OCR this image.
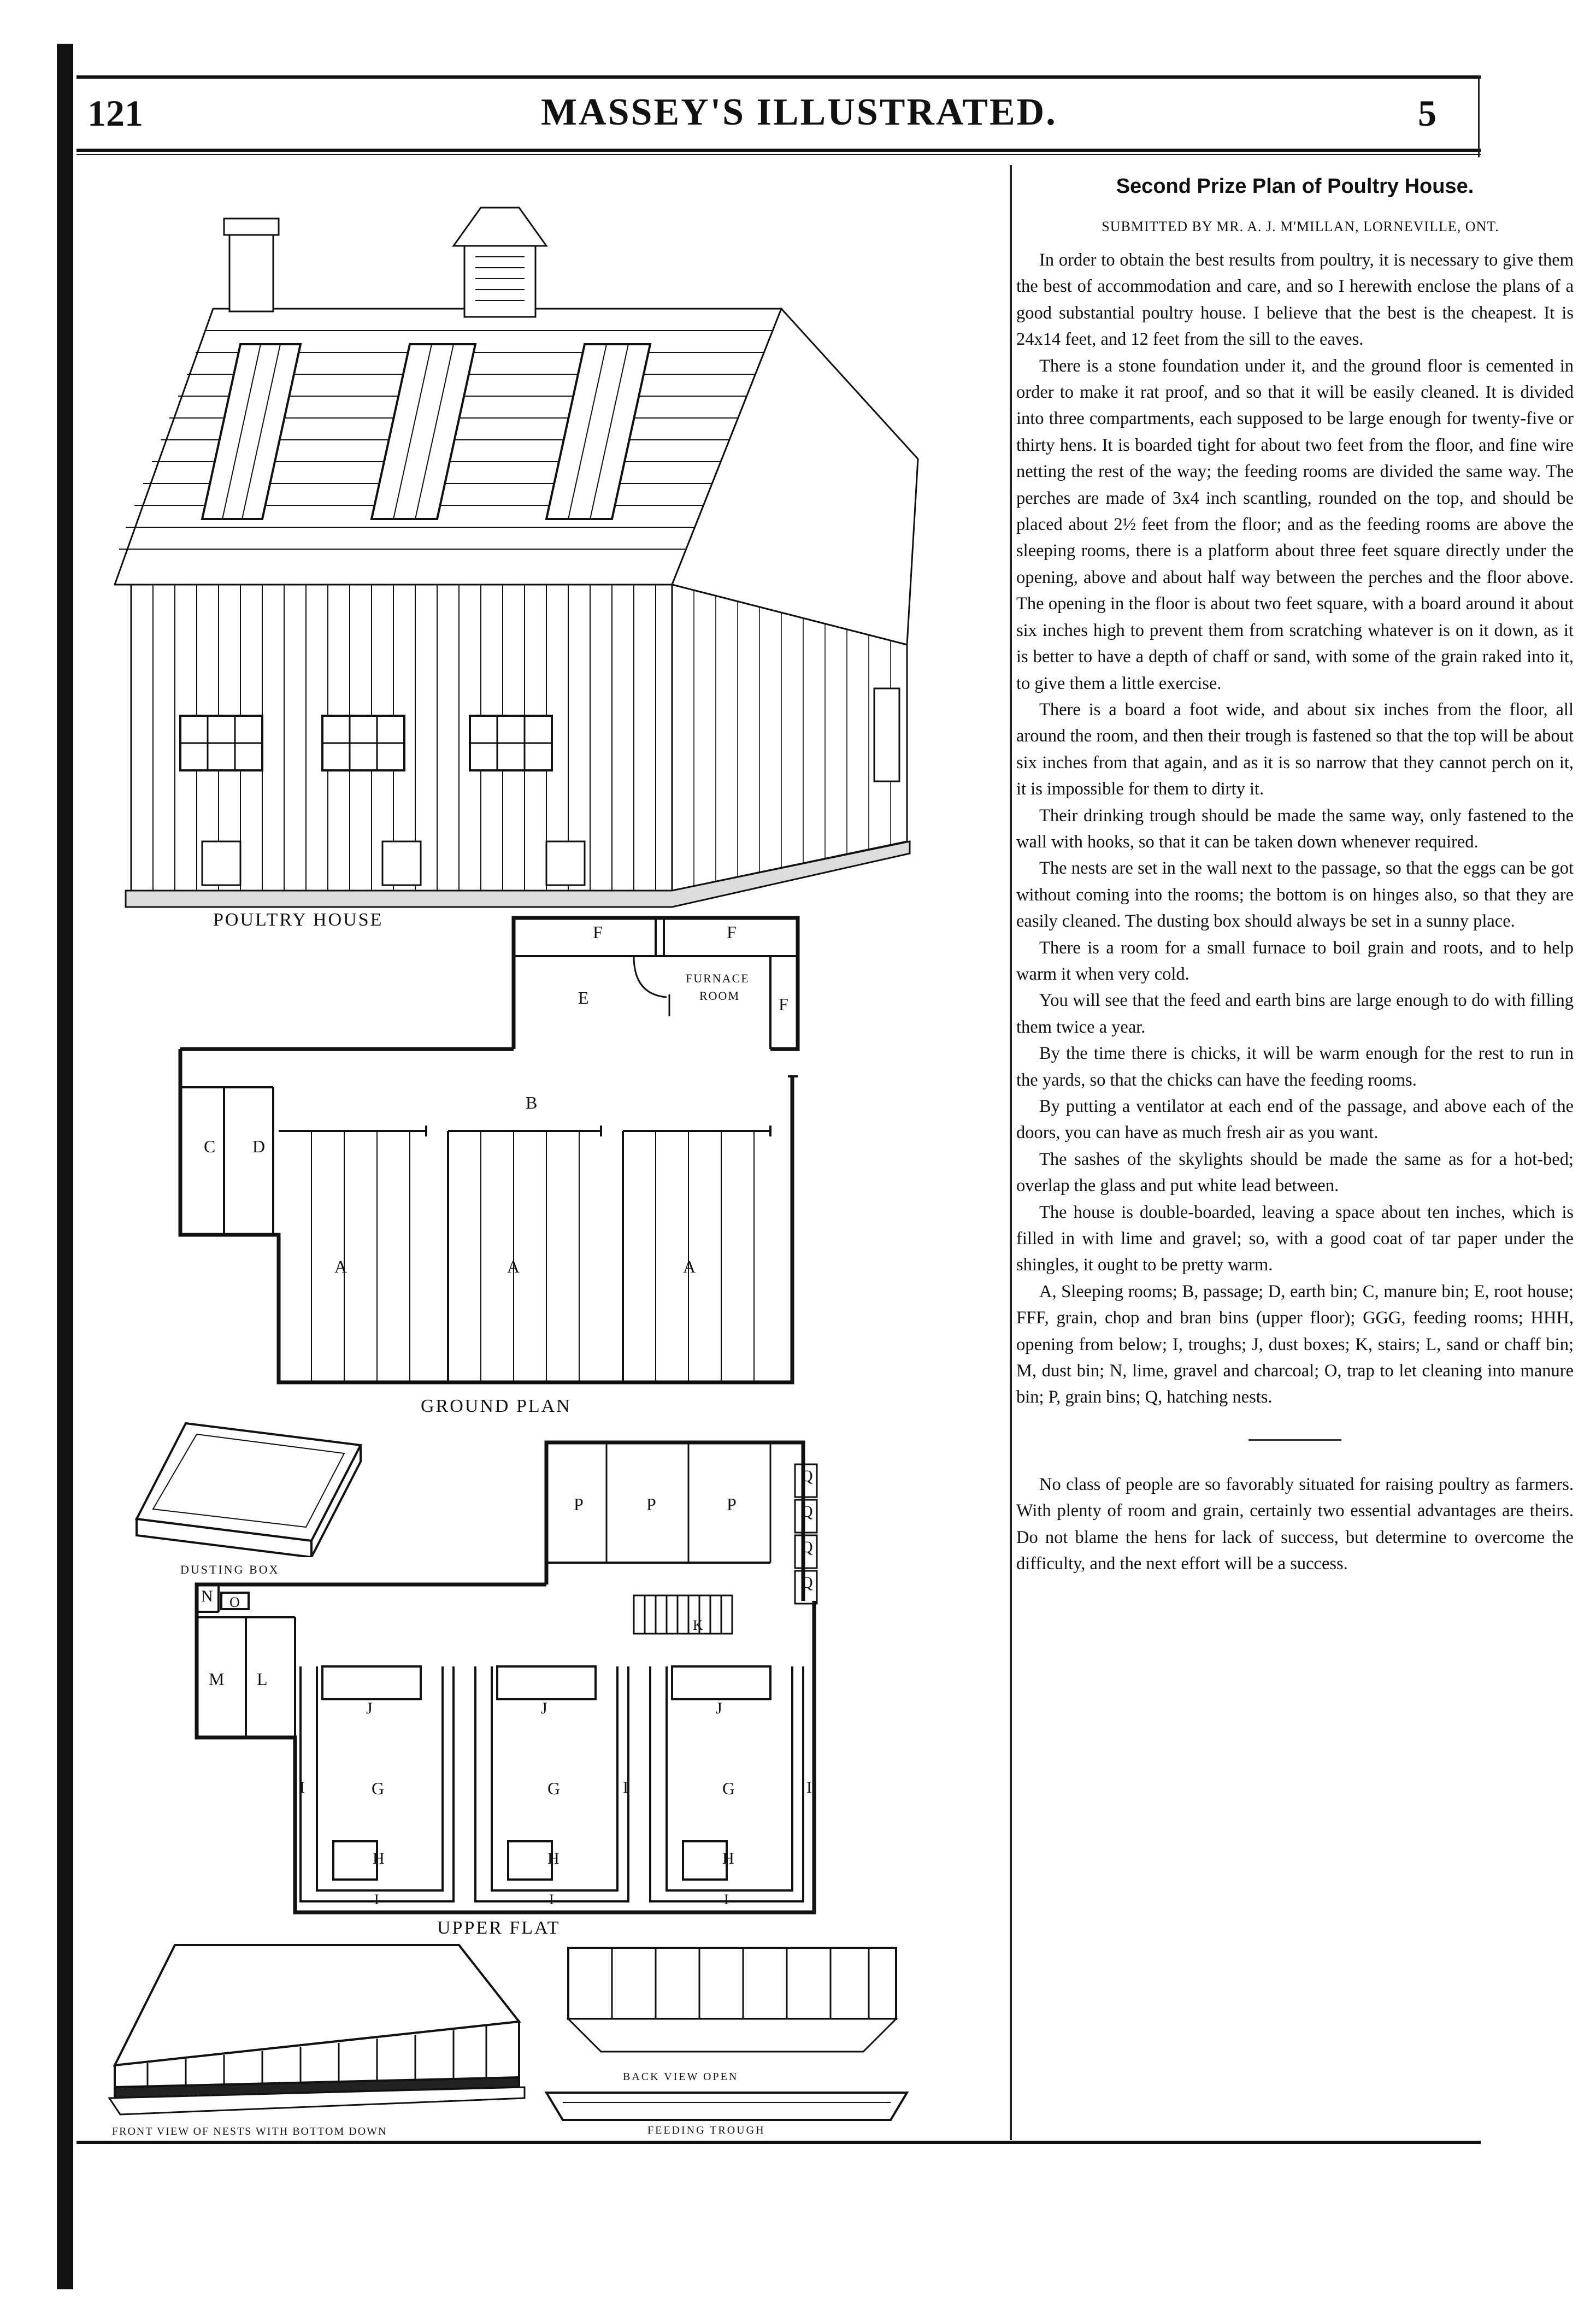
121	MASSEY'S ILLUSTRATED.	5
Second Prize Plan of Poultry House.
SUBMITTED BY MR. A. J. M'MILLAN, LORNEVILLE, ONT.

In order to obtain the best results from poultry, it is necessary to give them the best of accommodation and care, and so I herewith enclose the plans of a good substantial poultry house. I believe that the best is the cheapest. It is 24x14 feet, and 12 feet from the sill to the eaves.

There is a stone foundation under it, and the ground floor is cemented in order to make it rat proof, and so that it will be easily cleaned. It is divided into three compartments, each supposed to be large enough for twenty-five or thirty hens. It is boarded tight for about two feet from the floor, and fine wire netting the rest of the way; the feeding rooms are divided the same way. The perches are made of 3x4 inch scantling, rounded on the top, and should be placed about 2½ feet from the floor; and as the feeding rooms are above the sleeping rooms, there is a platform about three feet square directly under the opening, above and about half way between the perches and the floor above. The opening in the floor is about two feet square, with a board around it about six inches high to prevent them from scratching whatever is on it down, as it is better to have a depth of chaff or sand, with some of the grain raked into it, to give them a little exercise.

There is a board a foot wide, and about six inches from the floor, all around the room, and then their trough is fastened so that the top will be about six inches from that again, and as it is so narrow that they cannot perch on it, it is impossible for them to dirty it.

Their drinking trough should be made the same way, only fastened to the wall with hooks, so that it can be taken down whenever required.

The nests are set in the wall next to the passage, so that the eggs can be got without coming into the rooms; the bottom is on hinges also, so that they are easily cleaned. The dusting box should always be set in a sunny place.

There is a room for a small furnace to boil grain and roots, and to help warm it when very cold.

You will see that the feed and earth bins are large enough to do with filling them twice a year.

By the time there is chicks, it will be warm enough for the rest to run in the yards, so that the chicks can have the feeding rooms.

By putting a ventilator at each end of the passage, and above each of the doors, you can have as much fresh air as you want.

The sashes of the skylights should be made the same as for a hot-bed; overlap the glass and put white lead between.

The house is double-boarded, leaving a space about ten inches, which is filled in with lime and gravel; so, with a good coat of tar paper under the shingles, it ought to be pretty warm.

A, Sleeping rooms; B, passage; D, earth bin; C, manure bin; E, root house; FFF, grain, chop and bran bins (upper floor); GGG, feeding rooms; HHH, opening from below; I, troughs; J, dust boxes; K, stairs; L, sand or chaff bin; M, dust bin; N, lime, gravel and charcoal; O, trap to let cleaning into manure bin; P, grain bins; Q, hatching nests.

No class of people are so favorably situated for raising poultry as farmers. With plenty of room and grain, certainly two essential advantages are theirs. Do not blame the hens for lack of success, but determine to overcome the difficulty, and the next effort will be a success.

POULTRY HOUSE
F	F
E
FURNACE
ROOM F
B
C D
A	A	A
GROUND PLAN
DUSTING BOX
P	P	P
Q
Q
Q
Q
N O
M L
K
J	J	J
G	G	G
I	I	I
H	H	H
I	I	I
UPPER FLAT
FRONT VIEW OF NESTS WITH BOTTOM DOWN
BACK VIEW OPEN
FEEDING TROUGH
